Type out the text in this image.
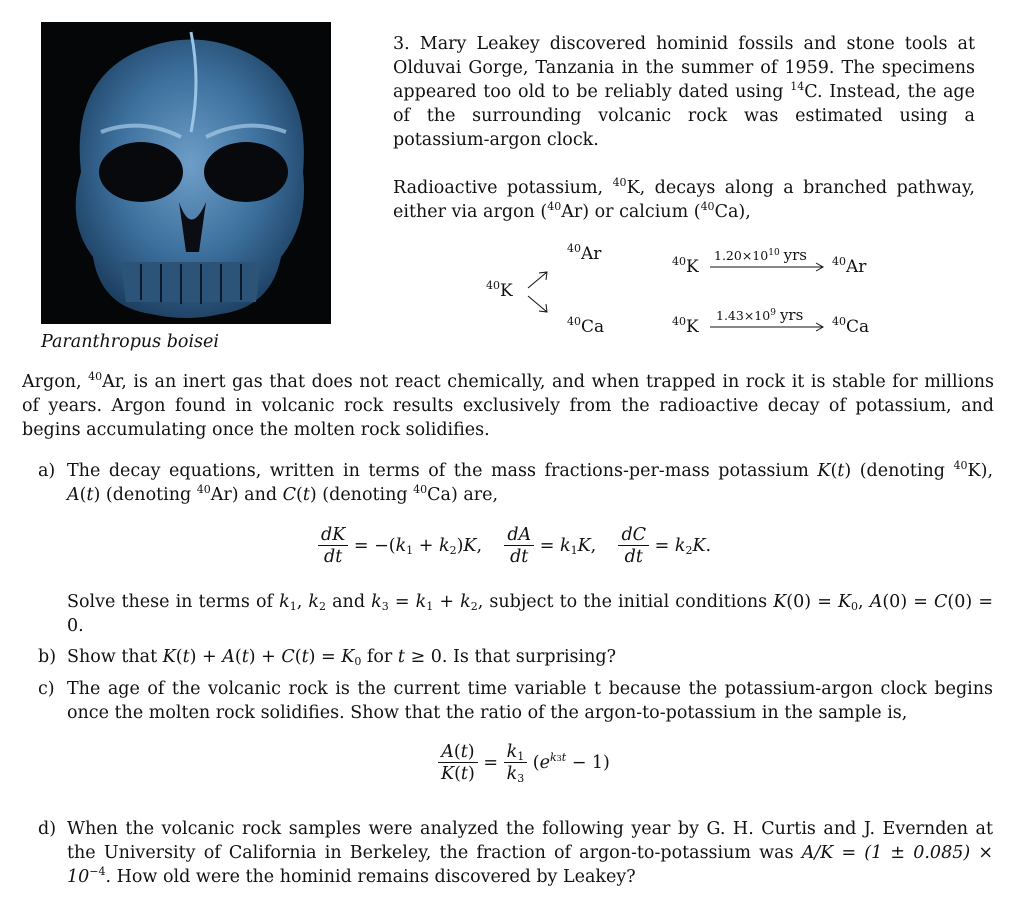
Paranthropus boisei
3. Mary Leakey discovered hominid fossils and stone tools at Olduvai Gorge, Tanzania in the summer of 1959. The specimens appeared too old to be reliably dated using $^{14}$C. Instead, the age of the surrounding volcanic rock was estimated using a potassium-argon clock.
Radioactive potassium, $^{40}$K, decays along a branched pathway, either via argon ($^{40}$Ar) or calcium ($^{40}$Ca),
$^{40}$Ar
$^{40}$K
$^{40}$Ca
$^{40}$K
$1.20\times 10^{10}$ yrs $^{40}$Ar
$^{40}$K
$1.43\times 10^9$ yrs	$^{40}$Ca
Argon, $^{40}$Ar, is an inert gas that does not react chemically, and when trapped in rock it is stable for millions of years. Argon found in volcanic rock results exclusively from the radioactive decay of potassium, and begins accumulating once the molten rock solidifies.
a) The decay equations, written in terms of the mass fractions-per-mass potassium K(t) (denoting $^{40}$K), A(t) (denoting $^{40}$Ar) and C(t) (denoting $^{40}$Ca) are,
$\frac{dK}{dt} = -(k_1 + k_2)K$, $\frac{dA}{dt} = k_1K$, $\frac{dC}{dt} = k_2K$.
Solve these in terms of $k_1$, $k_2$ and $k_3 = k_1 + k_2$, subject to the initial conditions $K(0) = K_0$, A(0) = C(0) = 0.
b) Show that $K(t) + A(t) + C(t) = K_0$ for t ≥ 0. Is that surprising?
c) The age of the volcanic rock is the current time variable t because the potassium-argon clock begins once the molten rock solidifies. Show that the ratio of the argon-to-potassium in the sample is,
$\frac{A(t)}{K(t)} = \frac{k_1}{k_3} (e^{k3t} - 1)$
d) When the volcanic rock samples were analyzed the following year by G. H. Curtis and J. Evernden at the University of California in Berkeley, the fraction of argon-to-potassium was $A/K = (1 \pm 0.085) \times 10^{-4}$. How old were the hominid remains discovered by Leakey?
